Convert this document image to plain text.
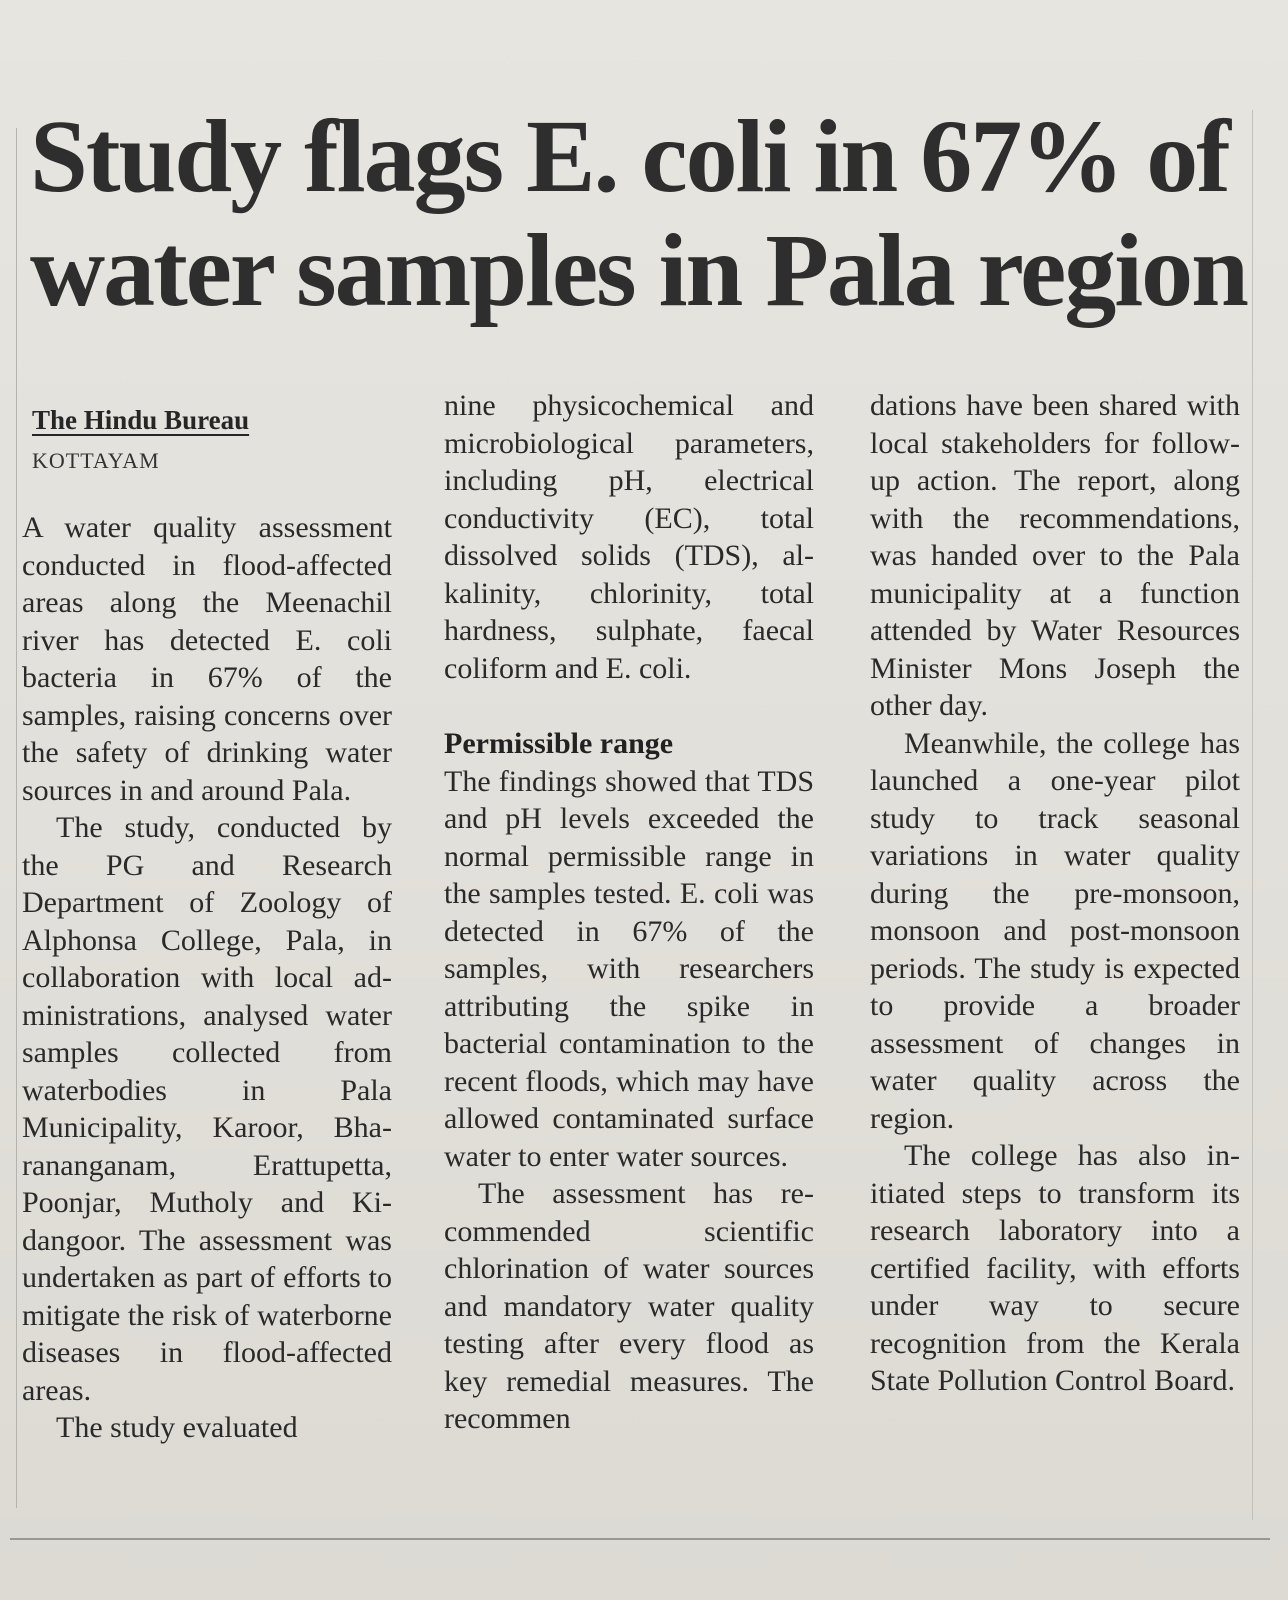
Study flags E. coli in 67% of water samples in Pala region
The Hindu Bureau
KOTTAYAM

A water quality assessment conducted in flood-affected areas along the Meenachil river has detected E. coli bacteria in 67% of the samples, raising concerns over the safety of drinking water sources in and around Pala.

The study, conducted by the PG and Research Department of Zoology of Alphonsa College, Pala, in collaboration with local administrations, analysed water samples collected from waterbodies in Pala Municipality, Karoor, Bharananganam, Erattupetta, Poonjar, Mutholy and Kidangoor. The assessment was undertaken as part of efforts to mitigate the risk of waterborne diseases in flood-affected areas.

The study evaluated

nine physicochemical and microbiological parameters, including pH, electrical conductivity (EC), total dissolved solids (TDS), alkalinity, chlorinity, total hardness, sulphate, faecal coliform and E. coli.

Permissible range

The findings showed that TDS and pH levels exceeded the normal permissible range in the samples tested. E. coli was detected in 67% of the samples, with researchers attributing the spike in bacterial contamination to the recent floods, which may have allowed contaminated surface water to enter water sources.

The assessment has recommended scientific chlorination of water sources and mandatory water quality testing after every flood as key remedial measures. The recommen

dations have been shared with local stakeholders for follow-up action. The report, along with the recommendations, was handed over to the Pala municipality at a function attended by Water Resources Minister Mons Joseph the other day.

Meanwhile, the college has launched a one-year pilot study to track seasonal variations in water quality during the pre-monsoon, monsoon and post-monsoon periods. The study is expected to provide a broader assessment of changes in water quality across the region.

The college has also initiated steps to transform its research laboratory into a certified facility, with efforts under way to secure recognition from the Kerala State Pollution Control Board.
